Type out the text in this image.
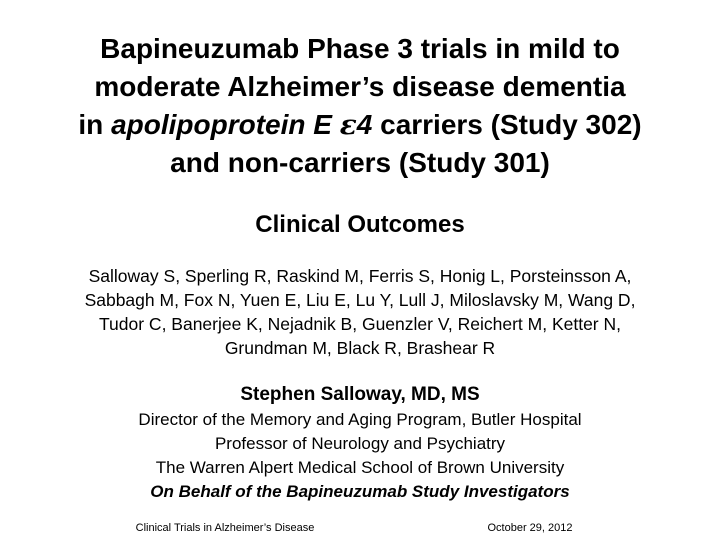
Bapineuzumab Phase 3 trials in mild to
moderate Alzheimer’s disease dementia
in apolipoprotein E ε4 carriers (Study 302)
and non-carriers (Study 301)
Clinical Outcomes

Salloway S, Sperling R, Raskind M, Ferris S, Honig L, Porsteinsson A,
Sabbagh M, Fox N, Yuen E, Liu E, Lu Y, Lull J, Miloslavsky M, Wang D,
Tudor C, Banerjee K, Nejadnik B, Guenzler V, Reichert M, Ketter N,
Grundman M, Black R, Brashear R

Stephen Salloway, MD, MS
Director of the Memory and Aging Program, Butler Hospital
Professor of Neurology and Psychiatry
The Warren Alpert Medical School of Brown University
On Behalf of the Bapineuzumab Study Investigators
Clinical Trials in Alzheimer’s Disease	October 29, 2012
